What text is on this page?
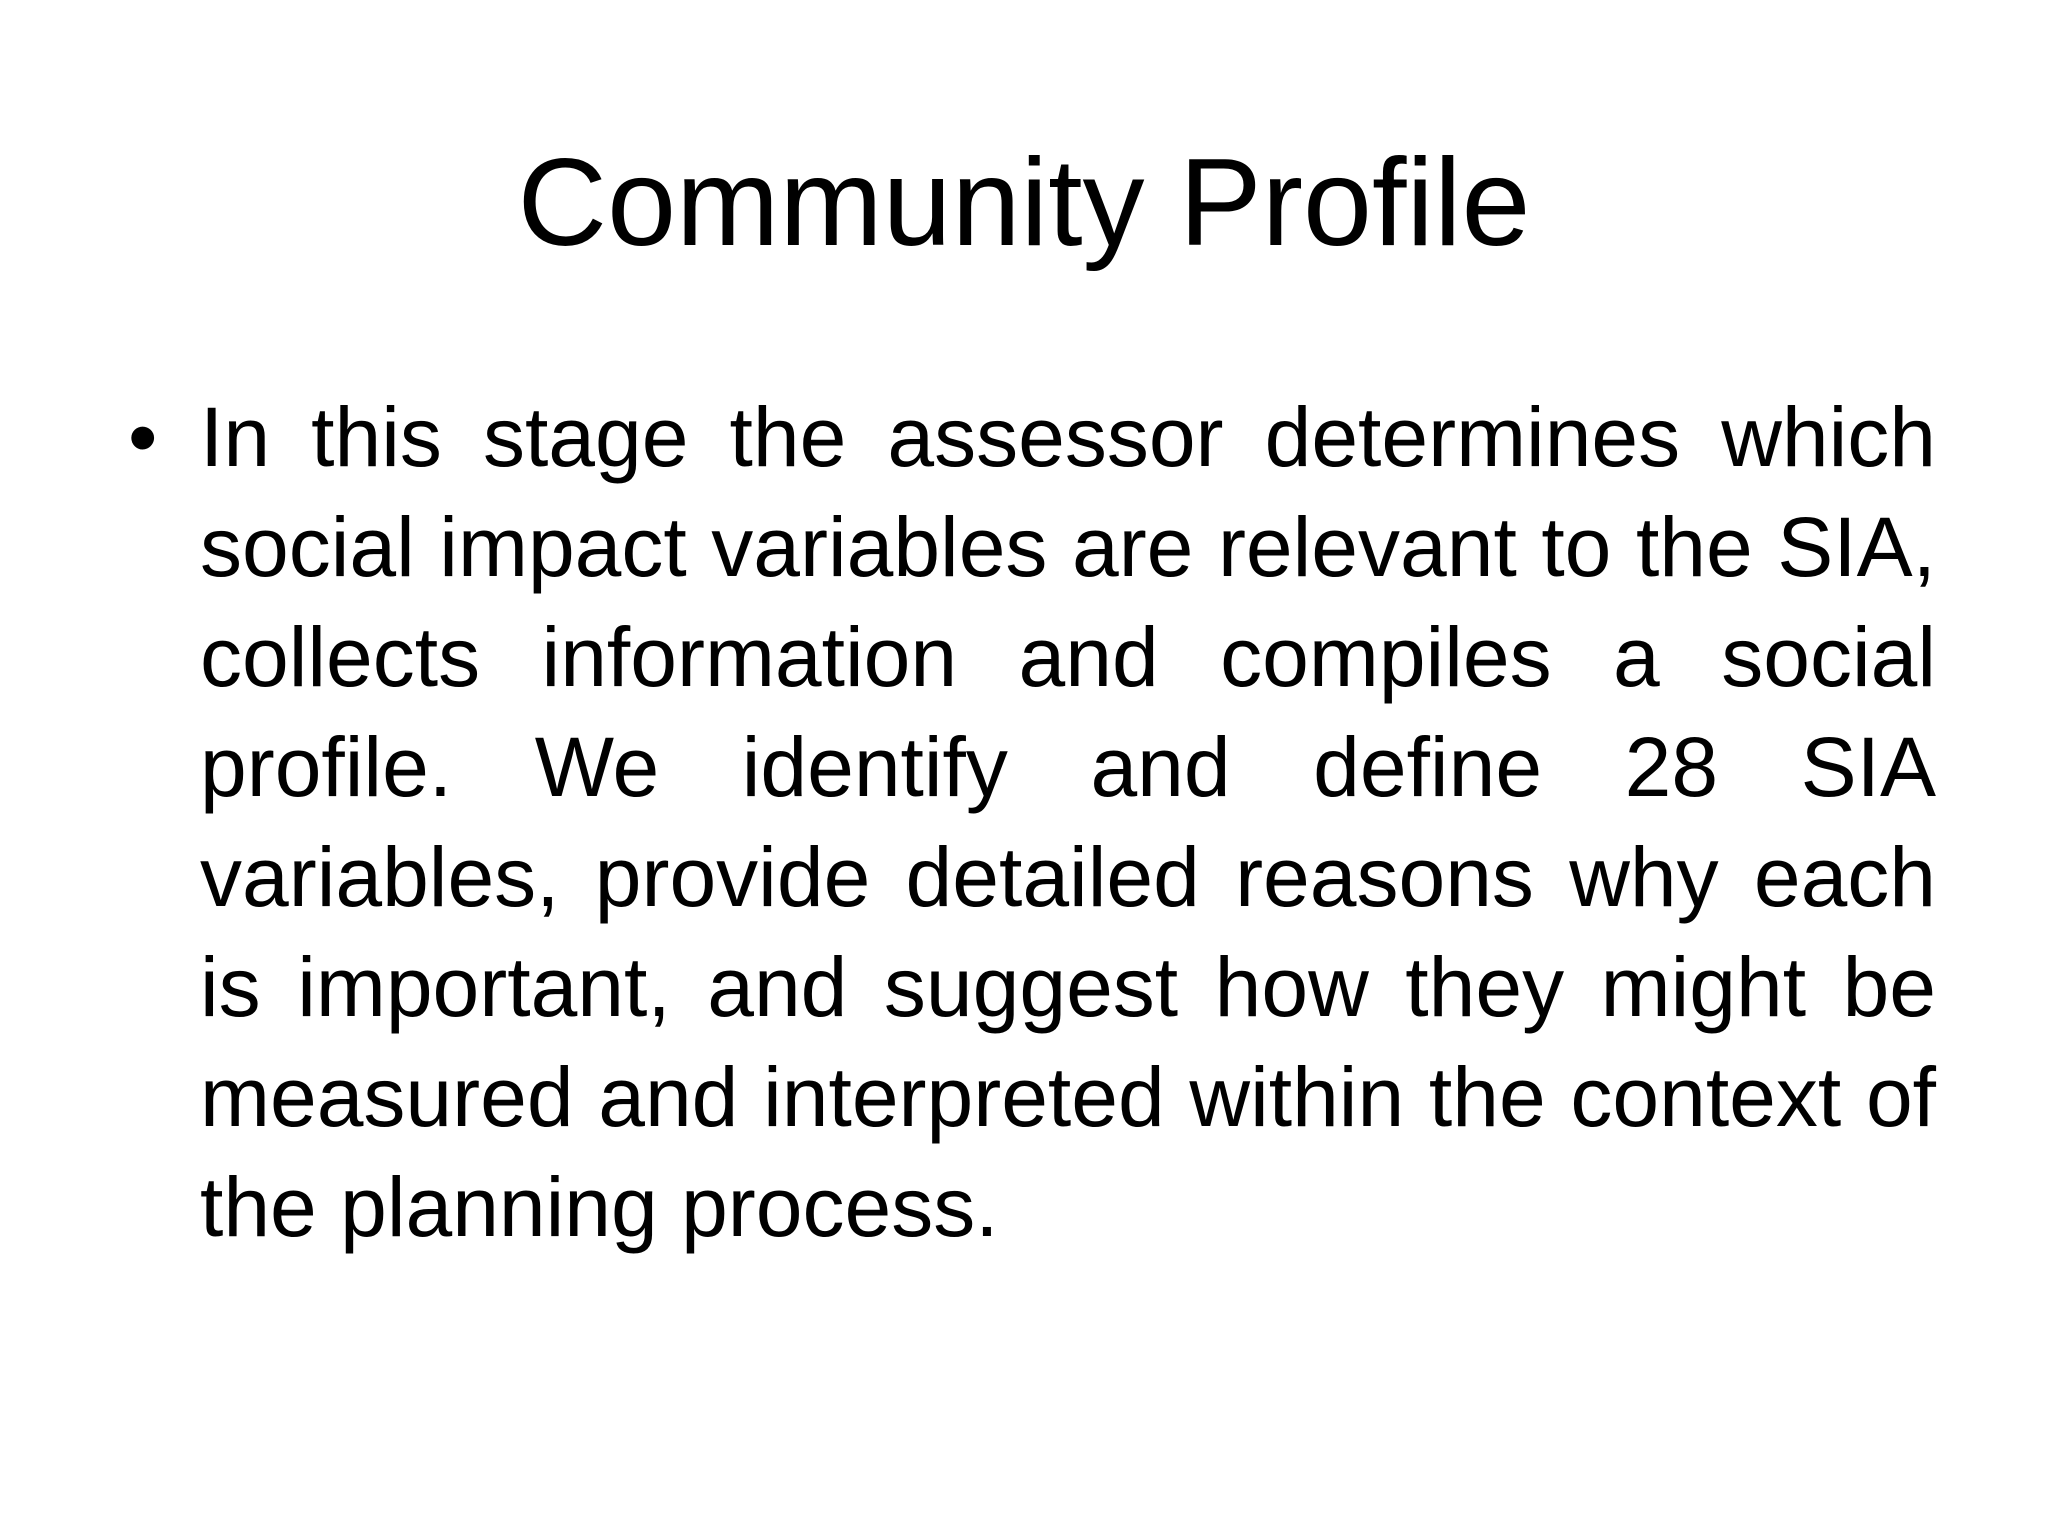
Community Profile
• In this stage the assessor determines which social impact variables are relevant to the SIA, collects information and compiles a social profile. We identify and define 28 SIA variables, provide detailed reasons why each is important, and suggest how they might be measured and interpreted within the context of the planning process.
